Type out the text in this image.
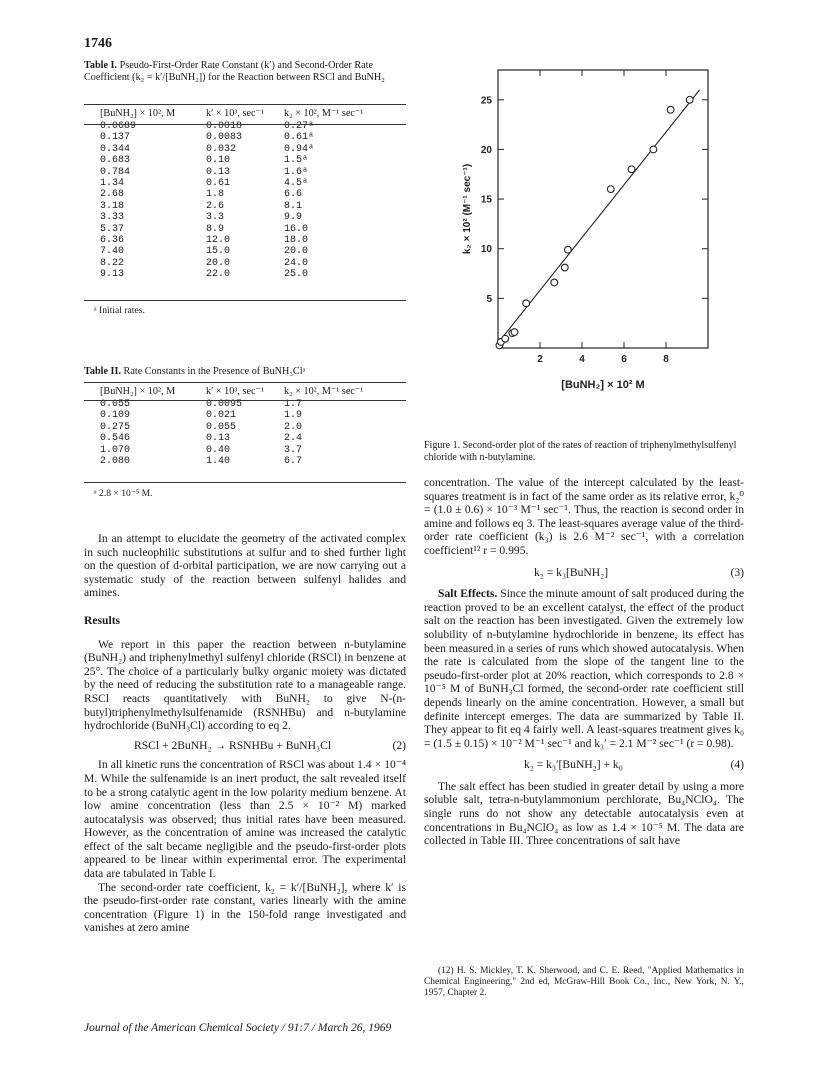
1746
Table I. Pseudo-First-Order Rate Constant (k′) and Second-Order Rate Coefficient (k₂ = k′/[BuNH₂]) for the Reaction between RSCl and BuNH₂
[BuNH₂] × 10², M	k′ × 10³, sec⁻¹	k₂ × 10², M⁻¹ sec⁻¹
0.0689	0.0018	0.27ᵃ
0.137	0.0083	0.61ᵃ
0.344	0.032	0.94ᵃ
0.683	0.10	1.5ᵃ
0.784	0.13	1.6ᵃ
1.34	0.61	4.5ᵃ
2.68	1.8	6.6
3.18	2.6	8.1
3.33	3.3	9.9
5.37	8.9	16.0
6.36	12.0	18.0
7.40	15.0	20.0
8.22	20.0	24.0
9.13	22.0	25.0
ᵃ Initial rates.
Table II. Rate Constants in the Presence of BuNH₃Clᵃ
[BuNH₂] × 10², M	k′ × 10³, sec⁻¹	k₂ × 10², M⁻¹ sec⁻¹
0.055	0.0095	1.7
0.109	0.021	1.9
0.275	0.055	2.0
0.546	0.13	2.4
1.070	0.40	3.7
2.080	1.40	6.7
ᵃ 2.8 × 10⁻⁵ M.

In an attempt to elucidate the geometry of the activated complex in such nucleophilic substitutions at sulfur and to shed further light on the question of d-orbital participation, we are now carrying out a systematic study of the reaction between sulfenyl halides and amines.

Results

We report in this paper the reaction between n-butylamine (BuNH₂) and triphenylmethyl sulfenyl chloride (RSCl) in benzene at 25°. The choice of a particularly bulky organic moiety was dictated by the need of reducing the substitution rate to a manageable range. RSCl reacts quantitatively with BuNH₂ to give N-(n-butyl)triphenylmethylsulfenamide (RSNHBu) and n-butylamine hydrochloride (BuNH₃Cl) according to eq 2.

RSCl + 2BuNH₂ → RSNHBu + BuNH₃Cl	(2)

In all kinetic runs the concentration of RSCl was about 1.4 × 10⁻⁴ M. While the sulfenamide is an inert product, the salt revealed itself to be a strong catalytic agent in the low polarity medium benzene. At low amine concentration (less than 2.5 × 10⁻² M) marked autocatalysis was observed; thus initial rates have been measured. However, as the concentration of amine was increased the catalytic effect of the salt became negligible and the pseudo-first-order plots appeared to be linear within experimental error. The experimental data are tabulated in Table I.

The second-order rate coefficient, k₂ = k′/[BuNH₂], where k′ is the pseudo-first-order rate constant, varies linearly with the amine concentration (Figure 1) in the 150-fold range investigated and vanishes at zero amine

2	4	6	8
5
10
15
20
25
k₂ × 10² (M⁻¹ sec⁻¹)
[BuNH₂] × 10² M
Figure 1. Second-order plot of the rates of reaction of triphenylmethylsulfenyl chloride with n-butylamine.

concentration. The value of the intercept calculated by the least-squares treatment is in fact of the same order as its relative error, k₂⁰ = (1.0 ± 0.6) × 10⁻³ M⁻¹ sec⁻¹. Thus, the reaction is second order in amine and follows eq 3. The least-squares average value of the third-order rate coefficient (k₃) is 2.6 M⁻² sec⁻¹, with a correlation coefficient¹² r = 0.995.

k₂ = k₃[BuNH₂]	(3)

Salt Effects. Since the minute amount of salt produced during the reaction proved to be an excellent catalyst, the effect of the product salt on the reaction has been investigated. Given the extremely low solubility of n-butylamine hydrochloride in benzene, its effect has been measured in a series of runs which showed autocatalysis. When the rate is calculated from the slope of the tangent line to the pseudo-first-order plot at 20% reaction, which corresponds to 2.8 × 10⁻⁵ M of BuNH₃Cl formed, the second-order rate coefficient still depends linearly on the amine concentration. However, a small but definite intercept emerges. The data are summarized by Table II. They appear to fit eq 4 fairly well. A least-squares treatment gives k₀ = (1.5 ± 0.15) × 10⁻² M⁻¹ sec⁻¹ and k₃′ = 2.1 M⁻² sec⁻¹ (r = 0.98).

k₂ = k₃′[BuNH₂] + k₀	(4)

The salt effect has been studied in greater detail by using a more soluble salt, tetra-n-butylammonium perchlorate, Bu₄NClO₄. The single runs do not show any detectable autocatalysis even at concentrations in Bu₄NClO₄ as low as 1.4 × 10⁻⁵ M. The data are collected in Table III. Three concentrations of salt have

(12) H. S. Mickley, T. K. Sherwood, and C. E. Reed, "Applied Mathematics in Chemical Engineering," 2nd ed, McGraw-Hill Book Co., Inc., New York, N. Y., 1957, Chapter 2.
Journal of the American Chemical Society / 91:7 / March 26, 1969
